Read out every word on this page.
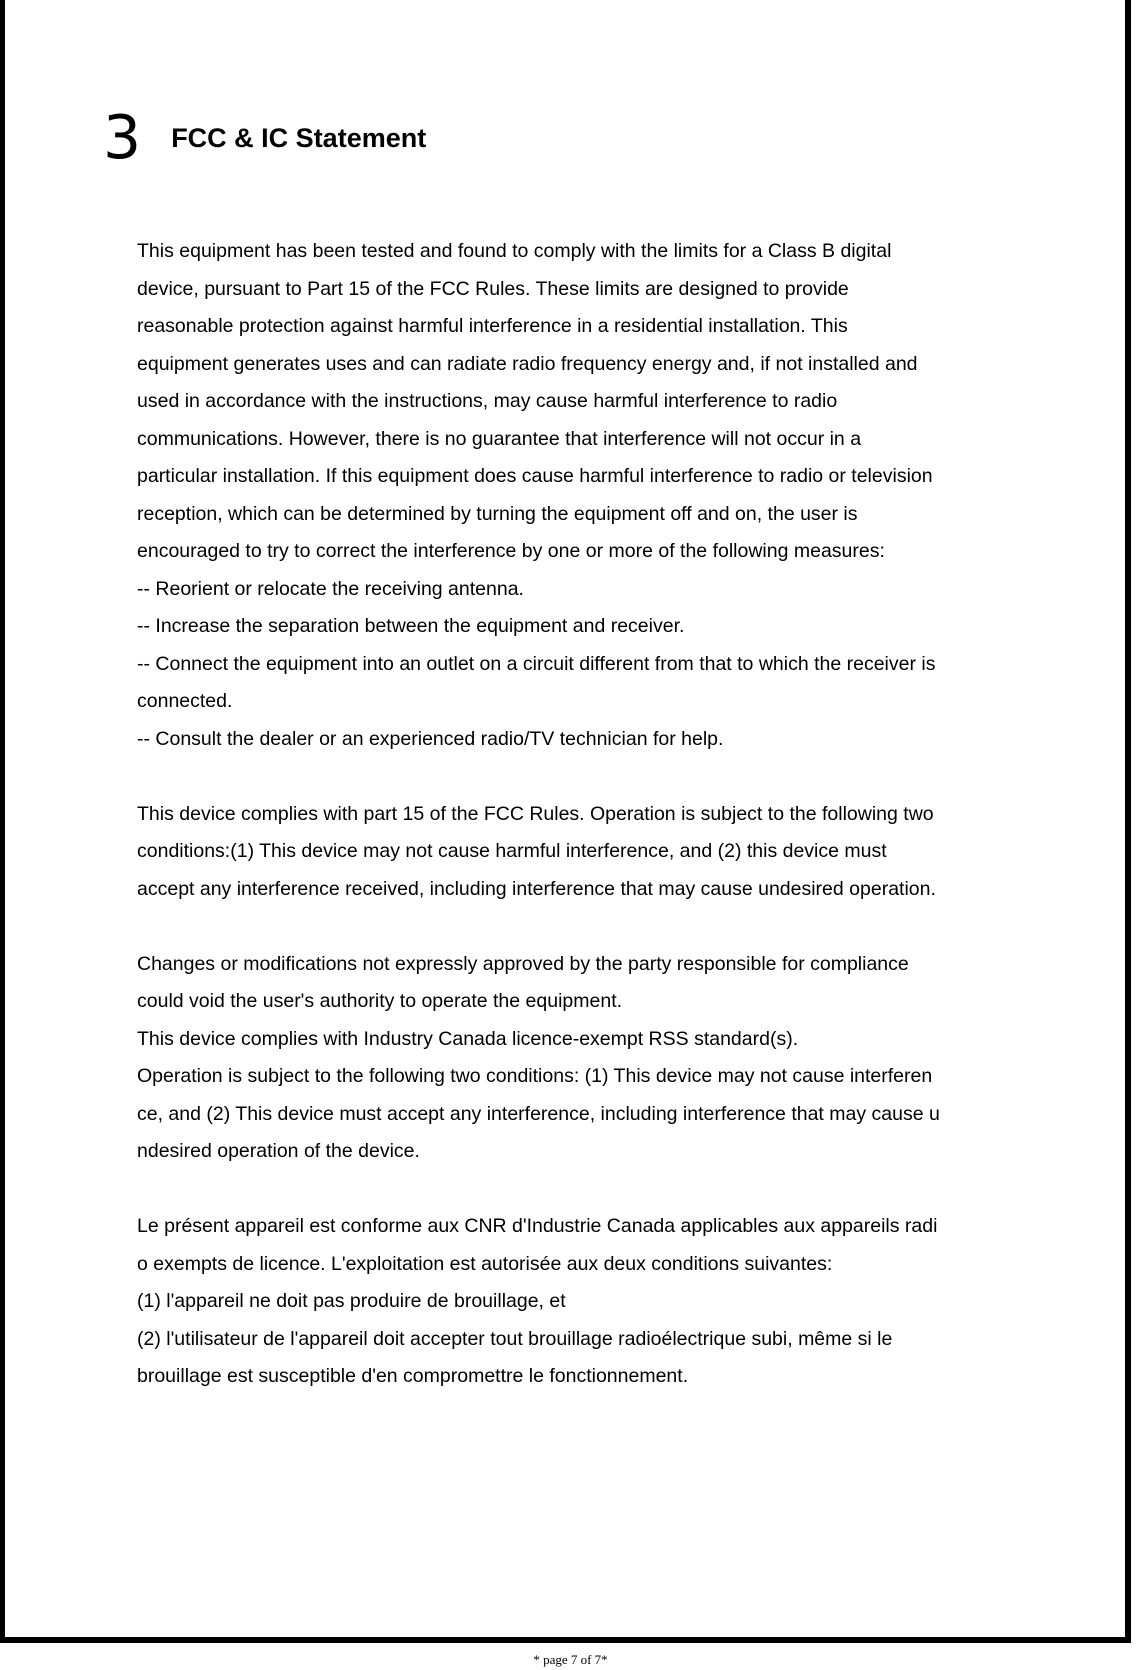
3 FCC & IC Statement
This equipment has been tested and found to comply with the limits for a Class B digital
device, pursuant to Part 15 of the FCC Rules. These limits are designed to provide
reasonable protection against harmful interference in a residential installation. This
equipment generates uses and can radiate radio frequency energy and, if not installed and
used in accordance with the instructions, may cause harmful interference to radio
communications. However, there is no guarantee that interference will not occur in a
particular installation. If this equipment does cause harmful interference to radio or television
reception, which can be determined by turning the equipment off and on, the user is
encouraged to try to correct the interference by one or more of the following measures:
-- Reorient or relocate the receiving antenna.
-- Increase the separation between the equipment and receiver.
-- Connect the equipment into an outlet on a circuit different from that to which the receiver is
connected.
-- Consult the dealer or an experienced radio/TV technician for help.
This device complies with part 15 of the FCC Rules. Operation is subject to the following two
conditions:(1) This device may not cause harmful interference, and (2) this device must
accept any interference received, including interference that may cause undesired operation.
Changes or modifications not expressly approved by the party responsible for compliance
could void the user's authority to operate the equipment.
This device complies with Industry Canada licence-exempt RSS standard(s).
Operation is subject to the following two conditions: (1) This device may not cause interferen
ce, and (2) This device must accept any interference, including interference that may cause u
ndesired operation of the device.
Le présent appareil est conforme aux CNR d'Industrie Canada applicables aux appareils radi
o exempts de licence. L'exploitation est autorisée aux deux conditions suivantes:
(1) l'appareil ne doit pas produire de brouillage, et
(2) l'utilisateur de l'appareil doit accepter tout brouillage radioélectrique subi, même si le
brouillage est susceptible d'en compromettre le fonctionnement.
* page 7 of 7*
